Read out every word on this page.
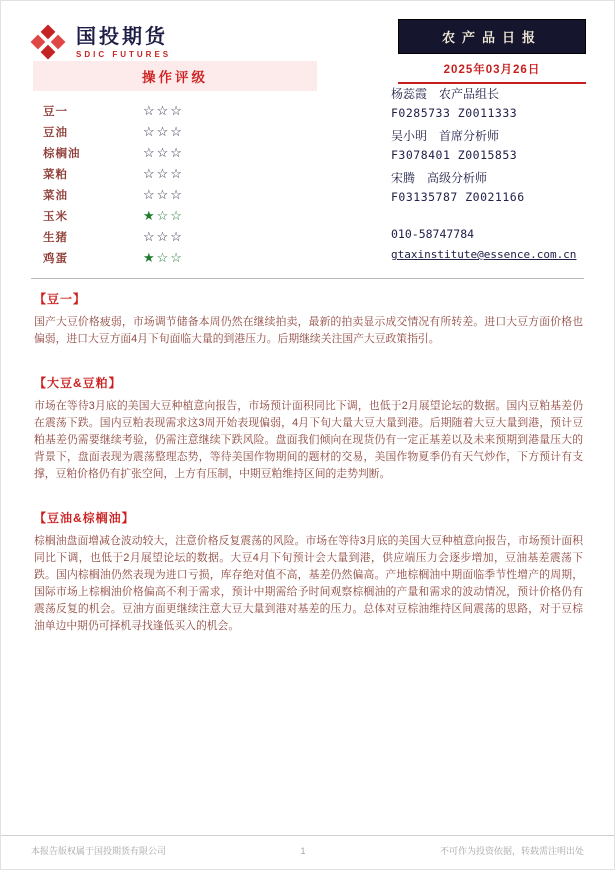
国投期货
SDIC FUTURES
农产品日报
2025年03月26日
操作评级
豆一	☆☆☆
豆油	☆☆☆
棕榈油	☆☆☆
菜粕	☆☆☆
菜油	☆☆☆
玉米	★☆☆
生猪	☆☆☆
鸡蛋	★☆☆
杨蕊霞 农产品组长
F0285733 Z0011333
吴小明 首席分析师
F3078401 Z0015853
宋腾 高级分析师
F03135787 Z0021166
010-58747784
gtaxinstitute@essence.com.cn
【豆一】
国产大豆价格疲弱，市场调节储备本周仍然在继续拍卖，最新的拍卖显示成交情况有所转差。进口大豆方面价格也偏弱，进口大豆方面4月下旬面临大量的到港压力。后期继续关注国产大豆政策指引。
【大豆&豆粕】
市场在等待3月底的美国大豆种植意向报告，市场预计面积同比下调，也低于2月展望论坛的数据。国内豆粕基差仍在震荡下跌。国内豆粕表现需求这3周开始表现偏弱，4月下旬大量大豆大量到港。后期随着大豆大量到港，预计豆粕基差仍需要继续考验，仍需注意继续下跌风险。盘面我们倾向在现货仍有一定正基差以及未来预期到港量压大的背景下，盘面表现为震荡整理态势，等待美国作物期间的题材的交易，美国作物夏季仍有天气炒作，下方预计有支撑，豆粕价格仍有扩张空间，上方有压制，中期豆粕维持区间的走势判断。
【豆油&棕榈油】
棕榈油盘面增减仓波动较大，注意价格反复震荡的风险。市场在等待3月底的美国大豆种植意向报告，市场预计面积同比下调，也低于2月展望论坛的数据。大豆4月下旬预计会大量到港，供应端压力会逐步增加，豆油基差震荡下跌。国内棕榈油仍然表现为进口亏损，库存绝对值不高，基差仍然偏高。产地棕榈油中期面临季节性增产的周期，国际市场上棕榈油价格偏高不利于需求，预计中期需给予时间观察棕榈油的产量和需求的波动情况，预计价格仍有震荡反复的机会。豆油方面更继续注意大豆大量到港对基差的压力。总体对豆棕油维持区间震荡的思路，对于豆棕油单边中期仍可择机寻找逢低买入的机会。
本报告版权属于国投期货有限公司	1	不可作为投资依据，转载需注明出处
